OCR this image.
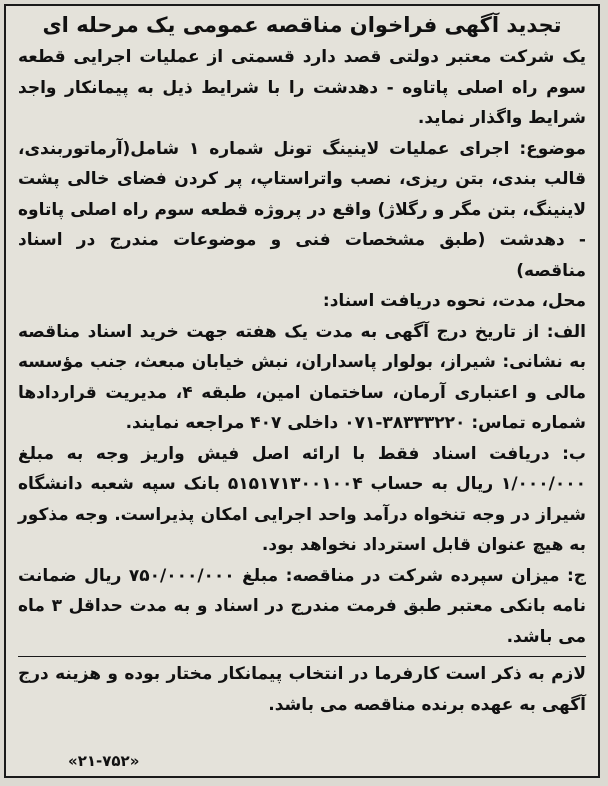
تجدید آگهی فراخوان مناقصه عمومی یک مرحله ای

یک شرکت معتبر دولتی قصد دارد قسمتی از عملیات اجرایی قطعه سوم راه اصلی پاتاوه - دهدشت را با شرایط ذیل به پیمانکار واجد شرایط واگذار نماید.

موضوع: اجرای عملیات لاینینگ تونل شماره ۱ شامل(آرماتوربندی، قالب بندی، بتن ریزی، نصب واتراستاپ، پر کردن فضای خالی پشت لاینینگ، بتن مگر و رگلاژ) واقع در پروژه قطعه سوم راه اصلی پاتاوه - دهدشت (طبق مشخصات فنی و موضوعات مندرج در اسناد مناقصه)

محل، مدت، نحوه دریافت اسناد:

الف: از تاریخ درج آگهی به مدت یک هفته جهت خرید اسناد مناقصه به نشانی: شیراز، بولوار پاسداران، نبش خیابان مبعث، جنب مؤسسه مالی و اعتباری آرمان، ساختمان امین، طبقه ۴، مدیریت قراردادها شماره تماس: ۳۸۳۳۳۲۲۰-۰۷۱ داخلی ۴۰۷ مراجعه نمایند.

ب: دریافت اسناد فقط با ارائه اصل فیش واریز وجه به مبلغ ۱/۰۰۰/۰۰۰ ریال به حساب ۵۱۵۱۷۱۳۰۰۱۰۰۴ بانک سپه شعبه دانشگاه شیراز در وجه تنخواه درآمد واحد اجرایی امکان پذیراست. وجه مذکور به هیچ عنوان قابل استرداد نخواهد بود.

ج: میزان سپرده شرکت در مناقصه: مبلغ ۷۵۰/۰۰۰/۰۰۰ ریال ضمانت نامه بانکی معتبر طبق فرمت مندرج در اسناد و به مدت حداقل ۳ ماه می باشد.

لازم به ذکر است کارفرما در انتخاب پیمانکار مختار بوده و هزینه درج آگهی به عهده برنده مناقصه می باشد.

«۲۱-۷۵۲»
